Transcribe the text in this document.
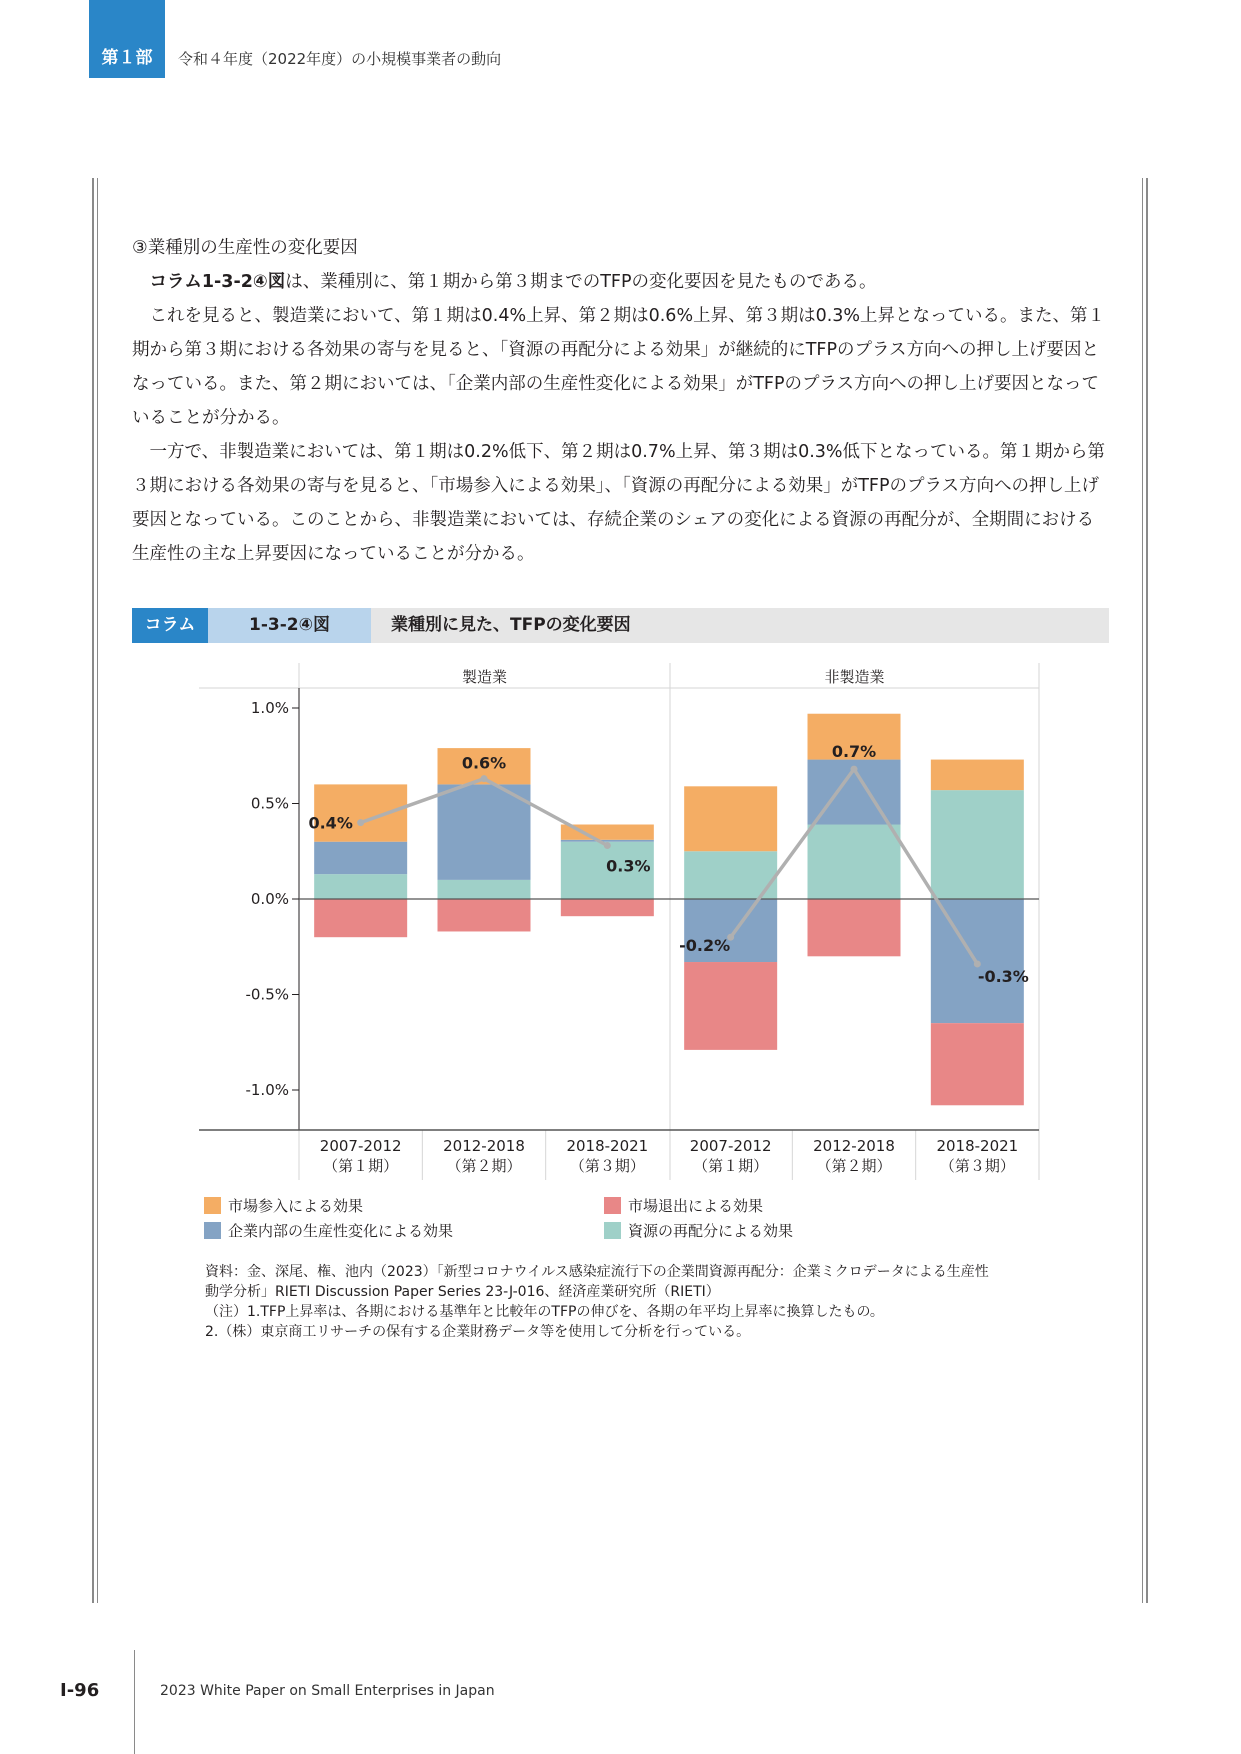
第１部	令和４年度（2022年度）の小規模事業者の動向

③業種別の生産性の変化要因

コラム1-3-2④図は、業種別に、第１期から第３期までのTFPの変化要因を見たものである。

これを見ると、製造業において、第１期は0.4%上昇、第２期は0.6%上昇、第３期は0.3%上昇となっている。また、第１期から第３期における各効果の寄与を見ると、「資源の再配分による効果」が継続的にTFPのプラス方向への押し上げ要因となっている。また、第２期においては、「企業内部の生産性変化による効果」がTFPのプラス方向への押し上げ要因となっていることが分かる。

一方で、非製造業においては、第１期は0.2%低下、第２期は0.7%上昇、第３期は0.3%低下となっている。第１期から第３期における各効果の寄与を見ると、「市場参入による効果」、「資源の再配分による効果」がTFPのプラス方向への押し上げ要因となっている。このことから、非製造業においては、存続企業のシェアの変化による資源の再配分が、全期間における生産性の主な上昇要因になっていることが分かる。

コラム	1-3-2④図	業種別に見た、TFPの変化要因
製造業	非製造業
1.0%
0.5%
0.0%
-0.5%
-1.0%
0.4%
0.6%
0.3%
-0.2%
0.7%
-0.3%
2007-2012
（第１期）
2012-2018
（第２期）
2018-2021
（第３期）
2007-2012
（第１期）
2012-2018
（第２期）
2018-2021
（第３期）
市場参入による効果	市場退出による効果
企業内部の生産性変化による効果	資源の再配分による効果

資料：金、深尾、権、池内（2023）「新型コロナウイルス感染症流行下の企業間資源再配分：企業ミクロデータによる生産性

動学分析」RIETI Discussion Paper Series 23-J-016、経済産業研究所（RIETI）

（注）1.TFP上昇率は、各期における基準年と比較年のTFPの伸びを、各期の年平均上昇率に換算したもの。

2.（株）東京商工リサーチの保有する企業財務データ等を使用して分析を行っている。

Ⅰ-96	2023 White Paper on Small Enterprises in Japan
